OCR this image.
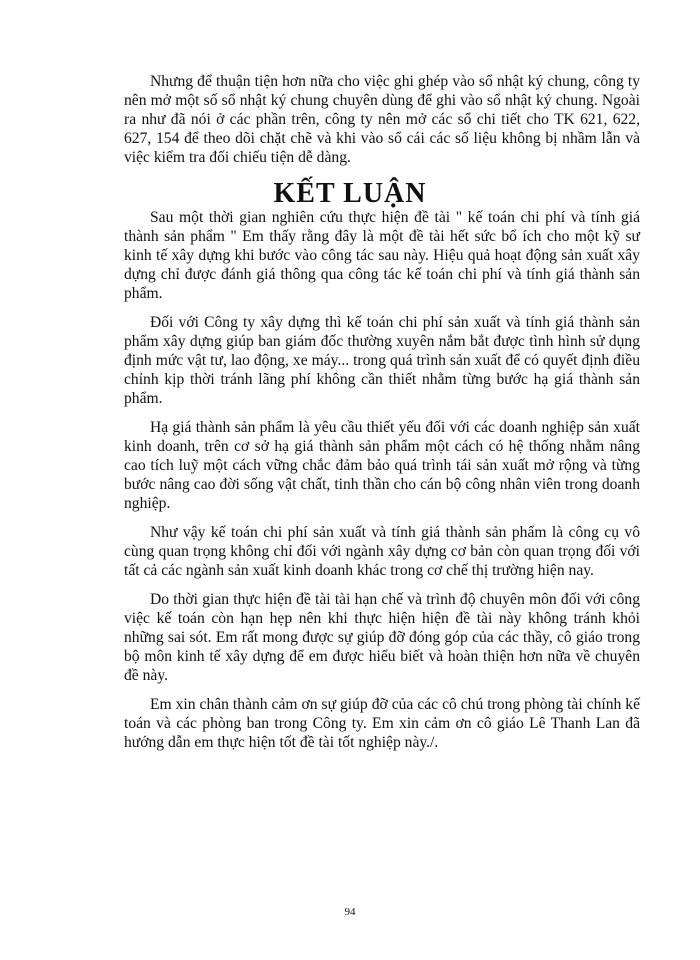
Nhưng để thuận tiện hơn nữa cho việc ghi ghép vào sổ nhật ký chung, công ty nên mở một số sổ nhật ký chung chuyên dùng để ghi vào sổ nhật ký chung. Ngoài ra như đã nói ở các phần trên, công ty nên mở các sổ chi tiết cho TK 621, 622, 627, 154 để theo dõi chặt chẽ và khi vào sổ cái các số liệu không bị nhầm lẫn và việc kiểm tra đối chiếu tiện dễ dàng.

KẾT LUẬN

Sau một thời gian nghiên cứu thực hiện đề tài " kế toán chi phí và tính giá thành sản phẩm " Em thấy rằng đây là một đề tài hết sức bổ ích cho một kỹ sư kinh tế xây dựng khi bước vào công tác sau này. Hiệu quả hoạt động sản xuất xây dựng chỉ được đánh giá thông qua công tác kế toán chi phí và tính giá thành sản phẩm.

Đối với Công ty xây dựng thì kế toán chi phí sản xuất và tính giá thành sản phẩm xây dựng giúp ban giám đốc thường xuyên nắm bắt được tình hình sử dụng định mức vật tư, lao động, xe máy... trong quá trình sản xuất để có quyết định điều chỉnh kịp thời tránh lãng phí không cần thiết nhằm từng bước hạ giá thành sản phẩm.

Hạ giá thành sản phẩm là yêu cầu thiết yếu đối với các doanh nghiệp sản xuất kinh doanh, trên cơ sở hạ giá thành sản phẩm một cách có hệ thống nhằm nâng cao tích luỹ một cách vững chắc đảm bảo quá trình tái sản xuất mở rộng và từng bước nâng cao đời sống vật chất, tinh thần cho cán bộ công nhân viên trong doanh nghiệp.

Như vậy kế toán chi phí sản xuất và tính giá thành sản phẩm là công cụ vô cùng quan trọng không chỉ đối với ngành xây dựng cơ bản còn quan trọng đối với tất cả các ngành sản xuất kinh doanh khác trong cơ chế thị trường hiện nay.

Do thời gian thực hiện đề tài tài hạn chế và trình độ chuyên môn đối với công việc kế toán còn hạn hẹp nên khi thực hiện hiện đề tài này không tránh khỏi những sai sót. Em rất mong được sự giúp đỡ đóng góp của các thầy, cô giáo trong bộ môn kinh tế xây dựng để em được hiểu biết và hoàn thiện hơn nữa về chuyên đề này.

Em xin chân thành cảm ơn sự giúp đỡ của các cô chú trong phòng tài chính kế toán và các phòng ban trong Công ty. Em xin cảm ơn cô giáo Lê Thanh Lan đã hướng dẫn em thực hiện tốt đề tài tốt nghiệp này./.

94
